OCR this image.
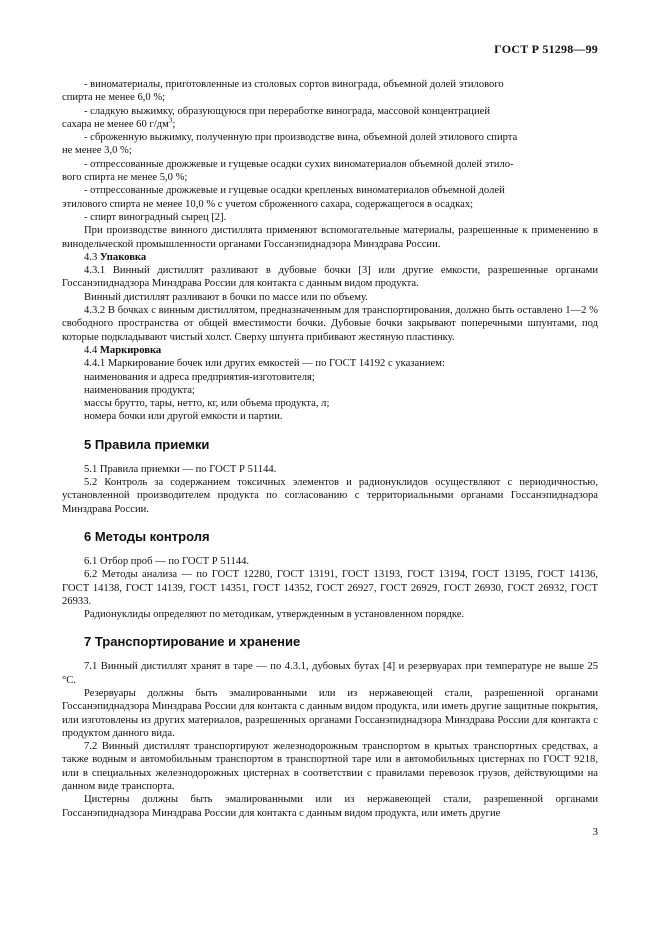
ГОСТ Р 51298—99

- виноматериалы, приготовленные из столовых сортов винограда, объемной долей этилового

спирта не менее 6,0 %;

- сладкую выжимку, образующуюся при переработке винограда, массовой концентрацией

сахара не менее 60 $г/дм^3$;

- сброженную выжимку, полученную при производстве вина, объемной долей этилового спирта

не менее 3,0 %;

- отпрессованные дрожжевые и гущевые осадки сухих виноматериалов объемной долей этило-

вого спирта не менее 5,0 %;

- отпрессованные дрожжевые и гущевые осадки крепленых виноматериалов объемной долей

этилового спирта не менее 10,0 % с учетом сброженного сахара, содержащегося в осадках;

- спирт виноградный сырец [2].

При производстве винного дистиллята применяют вспомогательные материалы, разрешенные к применению в винодельческой промышленности органами Госсанэпиднадзора Минздрава России.

4.3 Упаковка

4.3.1 Винный дистиллят разливают в дубовые бочки [3] или другие емкости, разрешенные органами Госсанэпиднадзора Минздрава России для контакта с данным видом продукта.

Винный дистиллят разливают в бочки по массе или по объему.

4.3.2 В бочках с винным дистиллятом, предназначенным для транспортирования, должно быть оставлено 1—2 % свободного пространства от общей вместимости бочки. Дубовые бочки закрывают поперечными шпунтами, под которые подкладывают чистый холст. Сверху шпунта прибивают жестяную пластинку.

4.4 Маркировка

4.4.1 Маркирование бочек или других емкостей — по ГОСТ 14192 с указанием:

наименования и адреса предприятия-изготовителя;

наименования продукта;

массы брутто, тары, нетто, кг, или объема продукта, л;

номера бочки или другой емкости и партии.

5 Правила приемки

5.1 Правила приемки — по ГОСТ Р 51144.

5.2 Контроль за содержанием токсичных элементов и радионуклидов осуществляют с периодичностью, установленной производителем продукта по согласованию с территориальными органами Госсанэпиднадзора Минздрава России.

6 Методы контроля

6.1 Отбор проб — по ГОСТ Р 51144.

6.2 Методы анализа — по ГОСТ 12280, ГОСТ 13191, ГОСТ 13193, ГОСТ 13194, ГОСТ 13195, ГОСТ 14136, ГОСТ 14138, ГОСТ 14139, ГОСТ 14351, ГОСТ 14352, ГОСТ 26927, ГОСТ 26929, ГОСТ 26930, ГОСТ 26932, ГОСТ 26933.

Радионуклиды определяют по методикам, утвержденным в установленном порядке.

7 Транспортирование и хранение

7.1 Винный дистиллят хранят в таре — по 4.3.1, дубовых бутах [4] и резервуарах при температуре не выше 25 °С.

Резервуары должны быть эмалированными или из нержавеющей стали, разрешенной органами Госсанэпиднадзора Минздрава России для контакта с данным видом продукта, или иметь другие защитные покрытия, или изготовлены из других материалов, разрешенных органами Госсанэпиднадзора Минздрава России для контакта с продуктом данного вида.

7.2 Винный дистиллят транспортируют железнодорожным транспортом в крытых транспортных средствах, а также водным и автомобильным транспортом в транспортной таре или в автомобильных цистернах по ГОСТ 9218, или в специальных железнодорожных цистернах в соответствии с правилами перевозок грузов, действующими на данном виде транспорта.

Цистерны должны быть эмалированными или из нержавеющей стали, разрешенной органами Госсанэпиднадзора Минздрава России для контакта с данным видом продукта, или иметь другие

3
